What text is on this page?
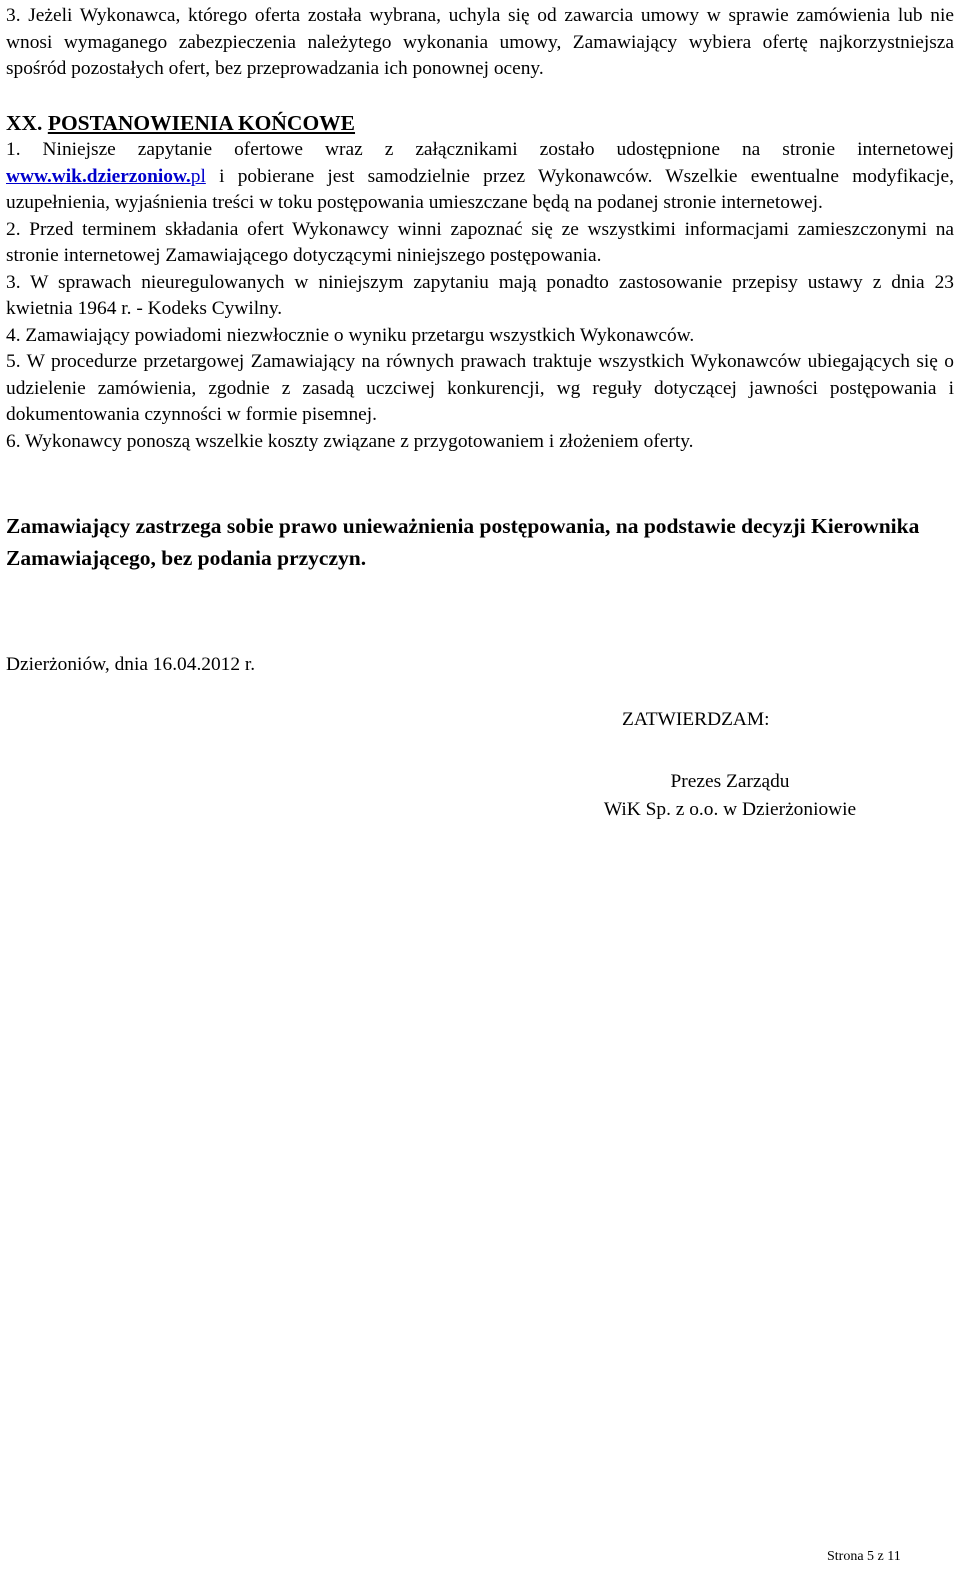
3. Jeżeli Wykonawca, którego oferta została wybrana, uchyla się od zawarcia umowy w sprawie zamówienia lub nie wnosi wymaganego zabezpieczenia należytego wykonania umowy, Zamawiający wybiera ofertę najkorzystniejsza spośród pozostałych ofert, bez przeprowadzania ich ponownej oceny.

XX. POSTANOWIENIA KOŃCOWE

1. Niniejsze zapytanie ofertowe wraz z załącznikami zostało udostępnione na stronie internetowej www.wik.dzierzoniow.pl i pobierane jest samodzielnie przez Wykonawców. Wszelkie ewentualne modyfikacje, uzupełnienia, wyjaśnienia treści w toku postępowania umieszczane będą na podanej stronie internetowej.

2. Przed terminem składania ofert Wykonawcy winni zapoznać się ze wszystkimi informacjami zamieszczonymi na stronie internetowej Zamawiającego dotyczącymi niniejszego postępowania.

3. W sprawach nieuregulowanych w niniejszym zapytaniu mają ponadto zastosowanie przepisy ustawy z dnia 23 kwietnia 1964 r. - Kodeks Cywilny.

4. Zamawiający powiadomi niezwłocznie o wyniku przetargu wszystkich Wykonawców.

5. W procedurze przetargowej Zamawiający na równych prawach traktuje wszystkich Wykonawców ubiegających się o udzielenie zamówienia, zgodnie z zasadą uczciwej konkurencji, wg reguły dotyczącej jawności postępowania i dokumentowania czynności w formie pisemnej.

6. Wykonawcy ponoszą wszelkie koszty związane z przygotowaniem i złożeniem oferty.

Zamawiający zastrzega sobie prawo unieważnienia postępowania, na podstawie decyzji Kierownika Zamawiającego, bez podania przyczyn.

Dzierżoniów, dnia 16.04.2012 r.

ZATWIERDZAM:

Prezes Zarządu
WiK Sp. z o.o. w Dzierżoniowie

Strona 5 z 11
